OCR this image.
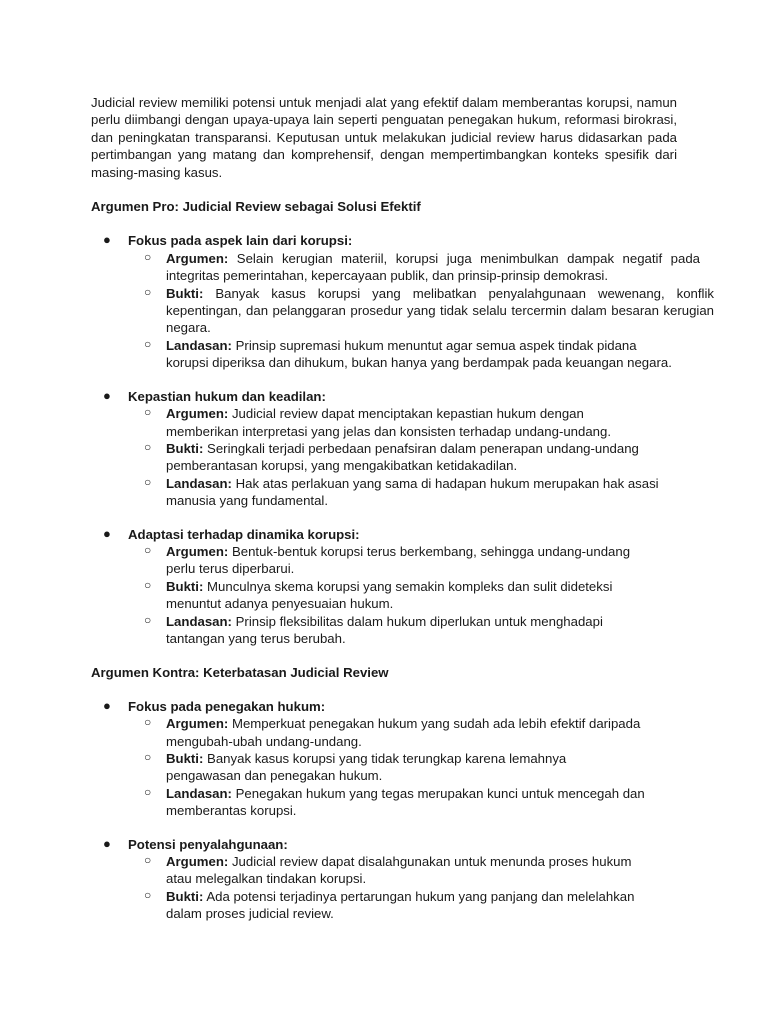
Judicial review memiliki potensi untuk menjadi alat yang efektif dalam memberantas korupsi, namun perlu diimbangi dengan upaya-upaya lain seperti penguatan penegakan hukum, reformasi birokrasi, dan peningkatan transparansi. Keputusan untuk melakukan judicial review harus didasarkan pada pertimbangan yang matang dan komprehensif, dengan mempertimbangkan konteks spesifik dari masing-masing kasus.

Argumen Pro: Judicial Review sebagai Solusi Efektif

● Fokus pada aspek lain dari korupsi:
○ Argumen: Selain kerugian materiil, korupsi juga menimbulkan dampak negatif pada integritas pemerintahan, kepercayaan publik, dan prinsip-prinsip demokrasi.
○ Bukti: Banyak kasus korupsi yang melibatkan penyalahgunaan wewenang, konflik kepentingan, dan pelanggaran prosedur yang tidak selalu tercermin dalam besaran kerugian negara.
○ Landasan: Prinsip supremasi hukum menuntut agar semua aspek tindak pidana korupsi diperiksa dan dihukum, bukan hanya yang berdampak pada keuangan negara.
● Kepastian hukum dan keadilan:
○ Argumen: Judicial review dapat menciptakan kepastian hukum dengan memberikan interpretasi yang jelas dan konsisten terhadap undang-undang.
○ Bukti: Seringkali terjadi perbedaan penafsiran dalam penerapan undang-undang pemberantasan korupsi, yang mengakibatkan ketidakadilan.
○ Landasan: Hak atas perlakuan yang sama di hadapan hukum merupakan hak asasi manusia yang fundamental.
● Adaptasi terhadap dinamika korupsi:
○ Argumen: Bentuk-bentuk korupsi terus berkembang, sehingga undang-undang perlu terus diperbarui.
○ Bukti: Munculnya skema korupsi yang semakin kompleks dan sulit dideteksi menuntut adanya penyesuaian hukum.
○ Landasan: Prinsip fleksibilitas dalam hukum diperlukan untuk menghadapi tantangan yang terus berubah.

Argumen Kontra: Keterbatasan Judicial Review

● Fokus pada penegakan hukum:
○ Argumen: Memperkuat penegakan hukum yang sudah ada lebih efektif daripada mengubah-ubah undang-undang.
○ Bukti: Banyak kasus korupsi yang tidak terungkap karena lemahnya pengawasan dan penegakan hukum.
○ Landasan: Penegakan hukum yang tegas merupakan kunci untuk mencegah dan memberantas korupsi.
● Potensi penyalahgunaan:
○ Argumen: Judicial review dapat disalahgunakan untuk menunda proses hukum atau melegalkan tindakan korupsi.
○ Bukti: Ada potensi terjadinya pertarungan hukum yang panjang dan melelahkan dalam proses judicial review.
